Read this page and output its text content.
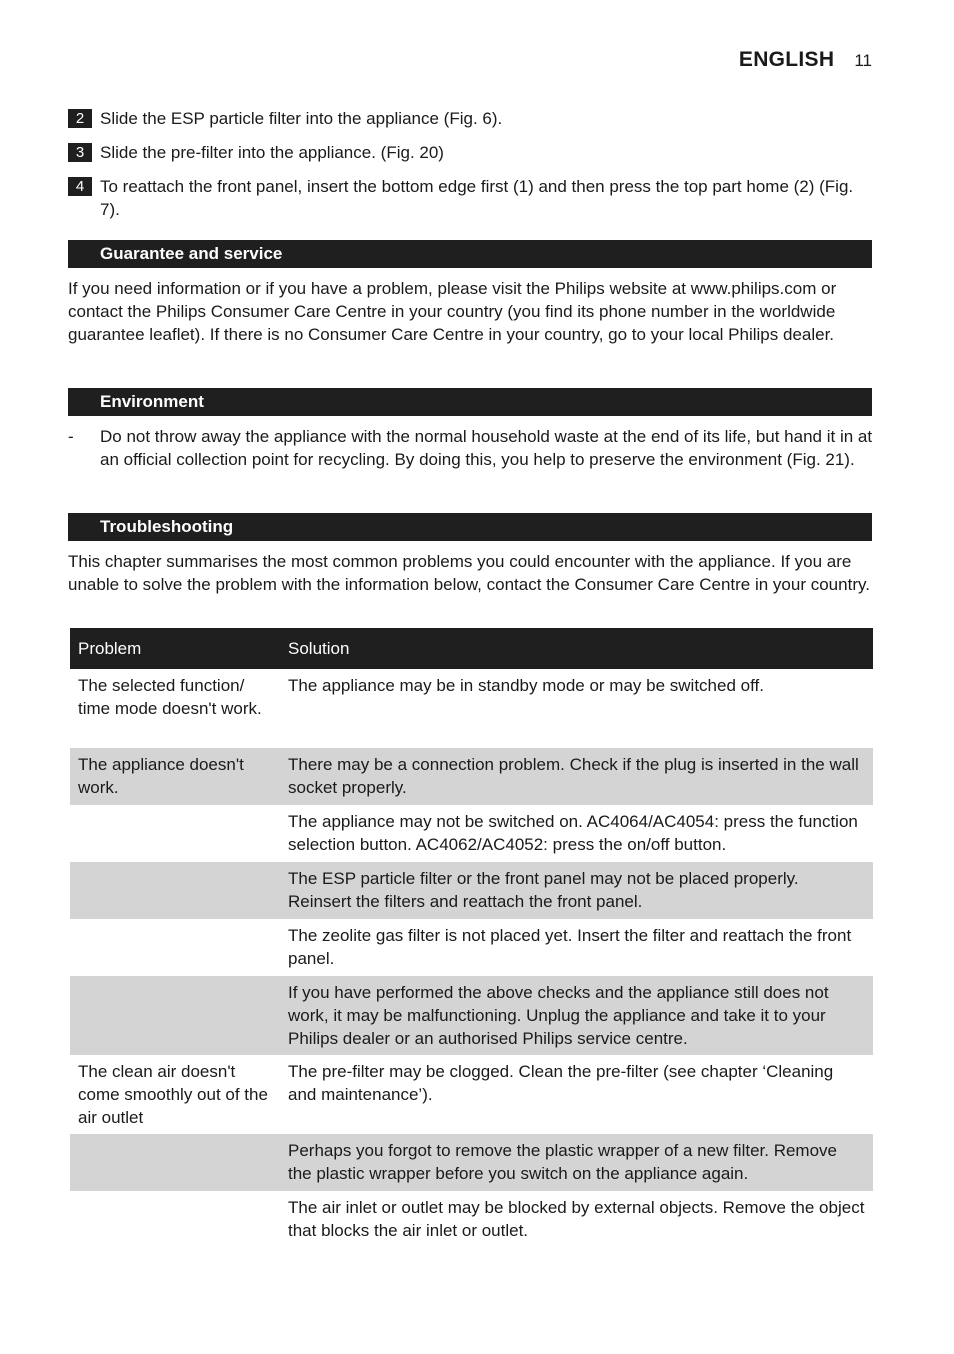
ENGLISH 11
2 Slide the ESP particle filter into the appliance (Fig. 6).
3 Slide the pre-filter into the appliance. (Fig. 20)
4 To reattach the front panel, insert the bottom edge first (1) and then press the top part home (2) (Fig. 7).
Guarantee and service
If you need information or if you have a problem, please visit the Philips website at www.philips.com or contact the Philips Consumer Care Centre in your country (you find its phone number in the worldwide guarantee leaflet). If there is no Consumer Care Centre in your country, go to your local Philips dealer.
Environment
-	Do not throw away the appliance with the normal household waste at the end of its life, but hand it in at an official collection point for recycling. By doing this, you help to preserve the environment (Fig. 21).
Troubleshooting
This chapter summarises the most common problems you could encounter with the appliance. If you are unable to solve the problem with the information below, contact the Consumer Care Centre in your country.
Problem	Solution
The selected function/ time mode doesn't work.	The appliance may be in standby mode or may be switched off.
The appliance doesn't work.	There may be a connection problem. Check if the plug is inserted in the wall socket properly.
	The appliance may not be switched on. AC4064/AC4054: press the function selection button. AC4062/AC4052: press the on/off button.
	The ESP particle filter or the front panel may not be placed properly. Reinsert the filters and reattach the front panel.
	The zeolite gas filter is not placed yet. Insert the filter and reattach the front panel.
	If you have performed the above checks and the appliance still does not work, it may be malfunctioning. Unplug the appliance and take it to your Philips dealer or an authorised Philips service centre.
The clean air doesn't come smoothly out of the air outlet	The pre-filter may be clogged. Clean the pre-filter (see chapter ‘Cleaning and maintenance’).
	Perhaps you forgot to remove the plastic wrapper of a new filter. Remove the plastic wrapper before you switch on the appliance again.
	The air inlet or outlet may be blocked by external objects. Remove the object that blocks the air inlet or outlet.
